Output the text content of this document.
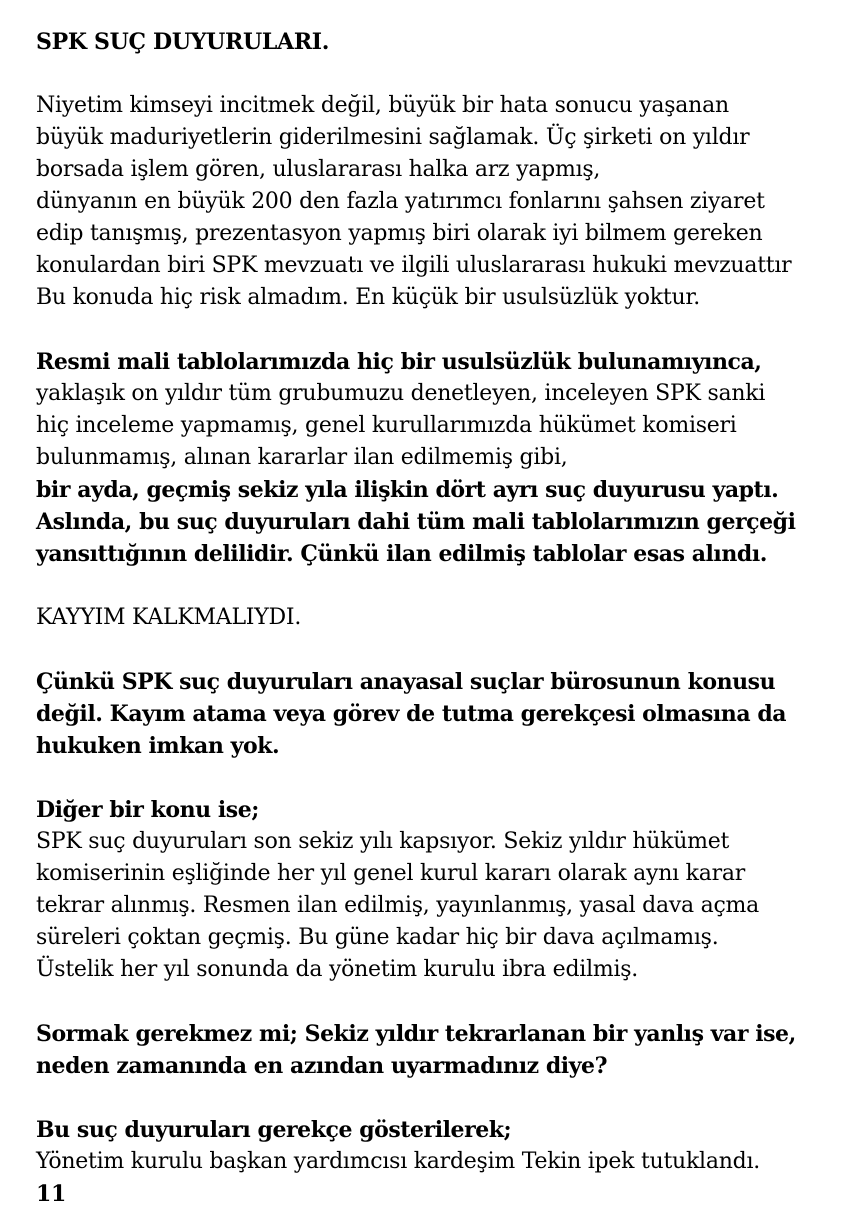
SPK SUÇ DUYURULARI.
Niyetim kimseyi incitmek değil, büyük bir hata sonucu yaşanan
büyük maduriyetlerin giderilmesini sağlamak. Üç şirketi on yıldır
borsada işlem gören, uluslararası halka arz yapmış,
dünyanın en büyük 200 den fazla yatırımcı fonlarını şahsen ziyaret
edip tanışmış, prezentasyon yapmış biri olarak iyi bilmem gereken
konulardan biri SPK mevzuatı ve ilgili uluslararası hukuki mevzuattır
Bu konuda hiç risk almadım. En küçük bir usulsüzlük yoktur.
Resmi mali tablolarımızda hiç bir usulsüzlük bulunamıyınca,
yaklaşık on yıldır tüm grubumuzu denetleyen, inceleyen SPK sanki
hiç inceleme yapmamış, genel kurullarımızda hükümet komiseri
bulunmamış, alınan kararlar ilan edilmemiş gibi,
bir ayda, geçmiş sekiz yıla ilişkin dört ayrı suç duyurusu yaptı.
Aslında, bu suç duyuruları dahi tüm mali tablolarımızın gerçeği
yansıttığının delilidir. Çünkü ilan edilmiş tablolar esas alındı.
KAYYIM KALKMALIYDI.
Çünkü SPK suç duyuruları anayasal suçlar bürosunun konusu
değil. Kayım atama veya görev de tutma gerekçesi olmasına da
hukuken imkan yok.
Diğer bir konu ise;
SPK suç duyuruları son sekiz yılı kapsıyor. Sekiz yıldır hükümet
komiserinin eşliğinde her yıl genel kurul kararı olarak aynı karar
tekrar alınmış. Resmen ilan edilmiş, yayınlanmış, yasal dava açma
süreleri çoktan geçmiş. Bu güne kadar hiç bir dava açılmamış.
Üstelik her yıl sonunda da yönetim kurulu ibra edilmiş.
Sormak gerekmez mi; Sekiz yıldır tekrarlanan bir yanlış var ise,
neden zamanında en azından uyarmadınız diye?
Bu suç duyuruları gerekçe gösterilerek;
Yönetim kurulu başkan yardımcısı kardeşim Tekin ipek tutuklandı.
11
